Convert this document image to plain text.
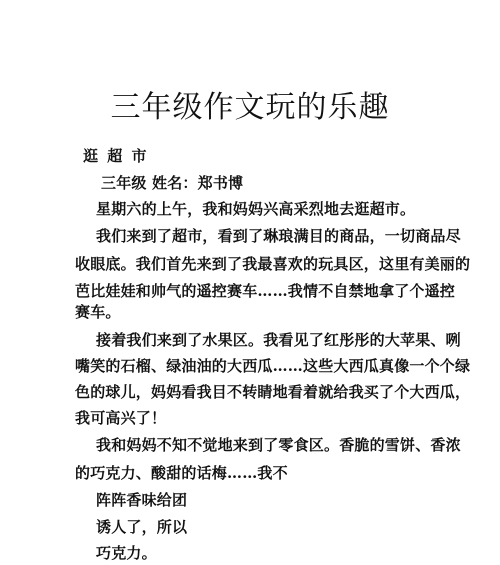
三年级作文玩的乐趣
逛 超 市
三年级 姓名：郑书博
星期六的上午，我和妈妈兴高采烈地去逛超市。
我们来到了超市，看到了琳琅满目的商品，一切商品尽
收眼底。我们首先来到了我最喜欢的玩具区，这里有美丽的
芭比娃娃和帅气的遥控赛车……我情不自禁地拿了个遥控
赛车。
接着我们来到了水果区。我看见了红彤彤的大苹果、咧
嘴笑的石榴、绿油油的大西瓜……这些大西瓜真像一个个绿
色的球儿，妈妈看我目不转睛地看着就给我买了个大西瓜，
我可高兴了！
我和妈妈不知不觉地来到了零食区。香脆的雪饼、香浓
的巧克力、酸甜的话梅……我不
阵阵香味给团
诱人了，所以
巧克力。
